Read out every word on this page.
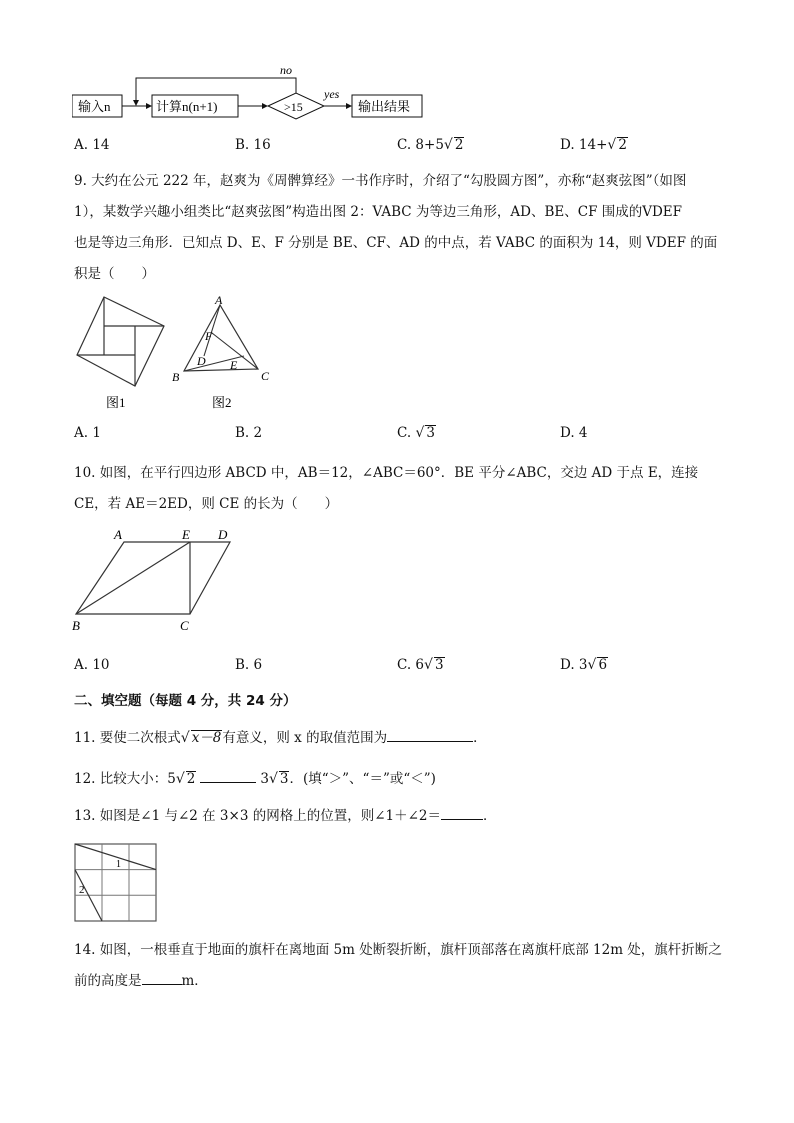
输入n	计算n(n+1)	>15	输出结果
no
yes
A. 14	B. 16	C. 8+5√ 2	D. 14+√ 2
9. 大约在公元 222 年，赵爽为《周髀算经》一书作序时，介绍了“勾股圆方图”，亦称“赵爽弦图”（如图
1），某数学兴趣小组类比“赵爽弦图”构造出图 2：VABC 为等边三角形，AD、BE、CF 围成的VDEF
也是等边三角形．已知点 D、E、F 分别是 BE、CF、AD 的中点，若 VABC 的面积为 14，则 VDEF 的面
积是（　　）
图1
A
B	C
D E
F
图2
A. 1	B. 2	C. √ 3	D. 4
10. 如图，在平行四边形 ABCD 中，AB＝12，∠ABC＝60°．BE 平分∠ABC，交边 AD 于点 E，连接
CE，若 AE＝2ED，则 CE 的长为（　　）
A	E D
B	C
A. 10	B. 6	C. 6√ 3	D. 3√ 6
二、填空题（每题 4 分，共 24 分）
11. 要使二次根式√ x－8有意义，则 x 的取值范围为	．
12. 比较大小：5√ 2	3√ 3．(填“＞”、“＝”或“＜”)
13. 如图是∠1 与∠2 在 3×3 的网格上的位置，则∠1＋∠2＝	．
1
2
14. 如图，一根垂直于地面的旗杆在离地面 5m 处断裂折断，旗杆顶部落在离旗杆底部 12m 处，旗杆折断之
前的高度是	m．
